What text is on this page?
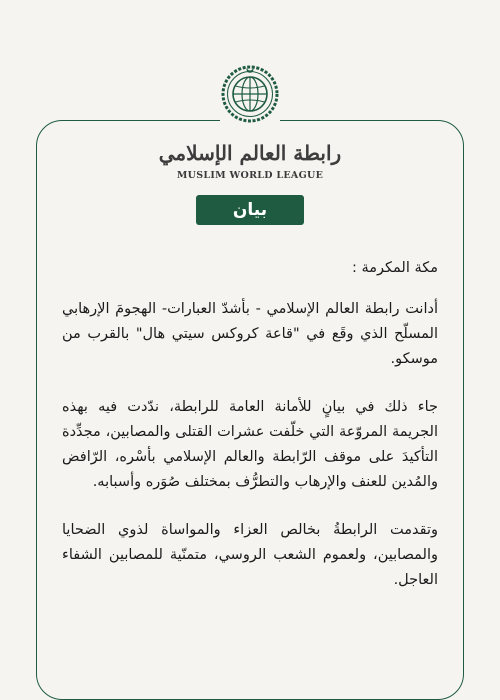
رابطة العالم الإسلامي
MUSLIM WORLD LEAGUE
بيان

مكة المكرمة :

أدانت رابطة العالم الإسلامي - بأشدّ العبارات- الهجومَ الإرهابي المسلّح الذي وقَع في "قاعة كروكس سيتي هال" بالقرب من موسكو.

جاء ذلك في بيانٍ للأمانة العامة للرابطة، ندّدت فيه بهذه الجريمة المروّعة التي خلّفت عشرات القتلى والمصابين، مجدِّدة التأكيدَ على موقف الرّابطة والعالم الإسلامي بأسْره، الرّافض والمُدين للعنف والإرهاب والتطرُّف بمختلف صُوَره وأسبابه.

وتقدمت الرابطةُ بخالص العزاء والمواساة لذوي الضحايا والمصابين، ولعموم الشعب الروسي، متمنّية للمصابين الشفاء العاجل.
